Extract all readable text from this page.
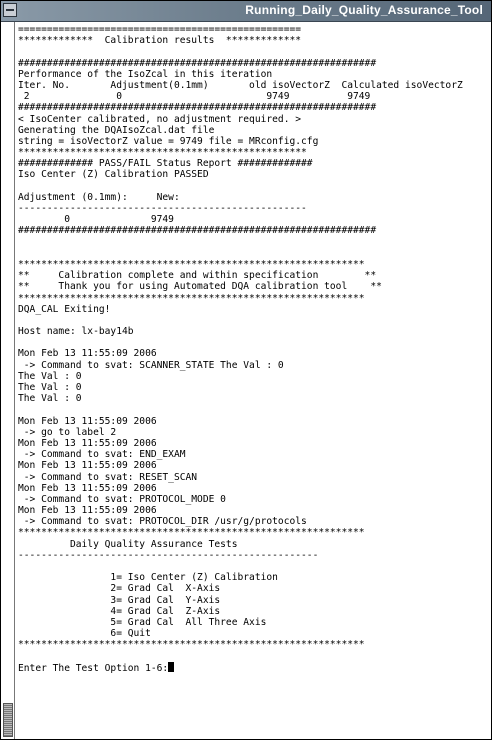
Running_Daily_Quality_Assurance_Tool
=================================================
*************  Calibration results  *************
##############################################################
Performance of the IsoZcal in this iteration
Iter. No.       Adjustment(0.1mm)       old isoVectorZ  Calculated isoVectorZ
2               0                         9749          9749
##############################################################
< IsoCenter calibrated, no adjustment required. >
Generating the DQAIsoZcal.dat file
string = isoVectorZ value = 9749 file = MRconfig.cfg
**************************************************
############# PASS/FAIL Status Report #############
Iso Center (Z) Calibration PASSED
Adjustment (0.1mm):     New:
--------------------------------------------------
0              9749
##############################################################
************************************************************
**     Calibration complete and within specification        **
**     Thank you for using Automated DQA calibration tool    **
************************************************************
DQA_CAL Exiting!
Host name: lx-bay14b
Mon Feb 13 11:55:09 2006
-> Command to svat: SCANNER_STATE The Val : 0
The Val : 0
The Val : 0
The Val : 0
Mon Feb 13 11:55:09 2006
-> go to label 2
Mon Feb 13 11:55:09 2006
-> Command to svat: END_EXAM
Mon Feb 13 11:55:09 2006
-> Command to svat: RESET_SCAN
Mon Feb 13 11:55:09 2006
-> Command to svat: PROTOCOL_MODE 0
Mon Feb 13 11:55:09 2006
-> Command to svat: PROTOCOL_DIR /usr/g/protocols
************************************************************
Daily Quality Assurance Tests
----------------------------------------------------
1= Iso Center (Z) Calibration
2= Grad Cal  X-Axis
3= Grad Cal  Y-Axis
4= Grad Cal  Z-Axis
5= Grad Cal  All Three Axis
6= Quit
************************************************************
Enter The Test Option 1-6:
